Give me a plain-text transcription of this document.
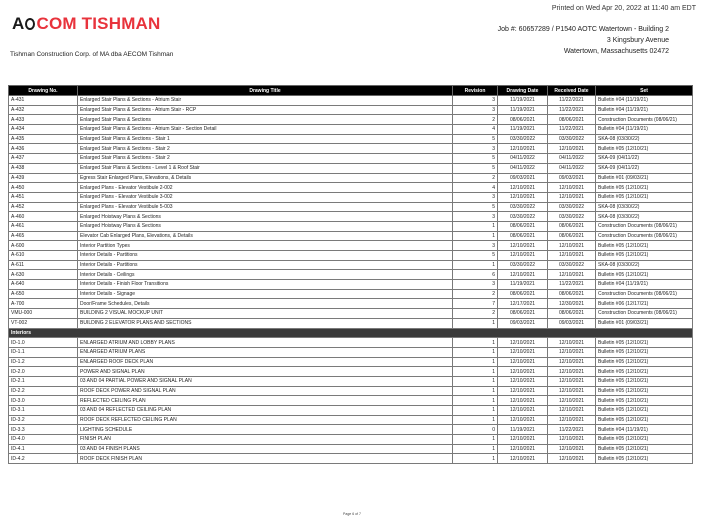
Printed on Wed Apr 20, 2022 at 11:40 am EDT
A COM TISHMAN
Tishman Construction Corp. of MA dba AECOM Tishman
Job #: 60657289 / P1540 AOTC Watertown - Building 2
3 Kingsbury Avenue
Watertown, Massachusetts 02472
Drawing No.	Drawing Title	Revision	Drawing Date	Received Date	Set
A-431	Enlarged Stair Plans & Sections - Atrium Stair	3	11/19/2021	11/22/2021	Bulletin #04 (11/19/21)
A-432	Enlarged Stair Plans & Sections - Atrium Stair - RCP	3	11/19/2021	11/22/2021	Bulletin #04 (11/19/21)
A-433	Enlarged Stair Plans & Sections	2	08/06/2021	08/06/2021	Construction Documents (08/06/21)
A-434	Enlarged Stair Plans & Sections - Atrium Stair - Section Detail	4	11/19/2021	11/22/2021	Bulletin #04 (11/19/21)
A-435	Enlarged Stair Plans & Sections - Stair 1	5	03/30/2022	03/30/2022	SKA-08 (03/30/22)
A-436	Enlarged Stair Plans & Sections - Stair 2	3	12/10/2021	12/10/2021	Bulletin #05 (12/10/21)
A-437	Enlarged Stair Plans & Sections - Stair 2	5	04/11/2022	04/11/2022	SKA-09 (04/11/22)
A-438	Enlarged Stair Plans & Sections - Level 1 & Roof Stair	5	04/11/2022	04/11/2022	SKA-09 (04/11/22)
A-439	Egress Stair Enlarged Plans, Elevations, & Details	2	09/03/2021	09/03/2021	Bulletin #01 (09/03/21)
A-450	Enlarged Plans - Elevator Vestibule 2-002	4	12/10/2021	12/10/2021	Bulletin #05 (12/10/21)
A-451	Enlarged Plans - Elevator Vestibule 3-002	3	12/10/2021	12/10/2021	Bulletin #05 (12/10/21)
A-452	Enlarged Plans - Elevator Vestibule 5-003	5	03/30/2022	03/30/2022	SKA-08 (03/30/22)
A-460	Enlarged Hoistway Plans & Sections	3	03/30/2022	03/30/2022	SKA-08 (03/30/22)
A-461	Enlarged Hoistway Plans & Sections	1	08/06/2021	08/06/2021	Construction Documents (08/06/21)
A-465	Elevator Cab Enlarged Plans, Elevations, & Details	1	08/06/2021	08/06/2021	Construction Documents (08/06/21)
A-600	Interior Partition Types	3	12/10/2021	12/10/2021	Bulletin #05 (12/10/21)
A-610	Interior Details - Partitions	5	12/10/2021	12/10/2021	Bulletin #05 (12/10/21)
A-611	Interior Details - Partitions	1	03/30/2022	03/30/2022	SKA-08 (03/30/22)
A-630	Interior Details - Ceilings	6	12/10/2021	12/10/2021	Bulletin #05 (12/10/21)
A-640	Interior Details - Finish Floor Transitions	3	11/19/2021	11/22/2021	Bulletin #04 (11/19/21)
A-650	Interior Details - Signage	2	08/06/2021	08/06/2021	Construction Documents (08/06/21)
A-700	Door/Frame Schedules, Details	7	12/17/2021	12/30/2021	Bulletin #06 (12/17/21)
VMU-000	BUILDING 2 VISUAL MOCKUP UNIT	2	08/06/2021	08/06/2021	Construction Documents (08/06/21)
VT-002	BUILDING 2 ELEVATOR PLANS AND SECTIONS	1	09/03/2021	09/03/2021	Bulletin #01 (09/03/21)
Interiors					
ID-1.0	ENLARGED ATRIUM AND LOBBY PLANS	1	12/10/2021	12/10/2021	Bulletin #05 (12/10/21)
ID-1.1	ENLARGED ATRIUM PLANS	1	12/10/2021	12/10/2021	Bulletin #05 (12/10/21)
ID-1.2	ENLARGED ROOF DECK PLAN	1	12/10/2021	12/10/2021	Bulletin #05 (12/10/21)
ID-2.0	POWER AND SIGNAL PLAN	1	12/10/2021	12/10/2021	Bulletin #05 (12/10/21)
ID-2.1	03 AND 04 PARTIAL POWER AND SIGNAL PLAN	1	12/10/2021	12/10/2021	Bulletin #05 (12/10/21)
ID-2.2	ROOF DECK POWER AND SIGNAL PLAN	1	12/10/2021	12/10/2021	Bulletin #05 (12/10/21)
ID-3.0	REFLECTED CEILING PLAN	1	12/10/2021	12/10/2021	Bulletin #05 (12/10/21)
ID-3.1	03 AND 04 REFLECTED CEILING PLAN	1	12/10/2021	12/10/2021	Bulletin #05 (12/10/21)
ID-3.2	ROOF DECK REFLECTED CEILING PLAN	1	12/10/2021	12/10/2021	Bulletin #05 (12/10/21)
ID-3.3	LIGHTING SCHEDULE	0	11/19/2021	11/22/2021	Bulletin #04 (11/19/21)
ID-4.0	FINISH PLAN	1	12/10/2021	12/10/2021	Bulletin #05 (12/10/21)
ID-4.1	03 AND 04 FINISH PLANS	1	12/10/2021	12/10/2021	Bulletin #05 (12/10/21)
ID-4.2	ROOF DECK FINISH PLAN	1	12/10/2021	12/10/2021	Bulletin #05 (12/10/21)
Page 6 of 7
